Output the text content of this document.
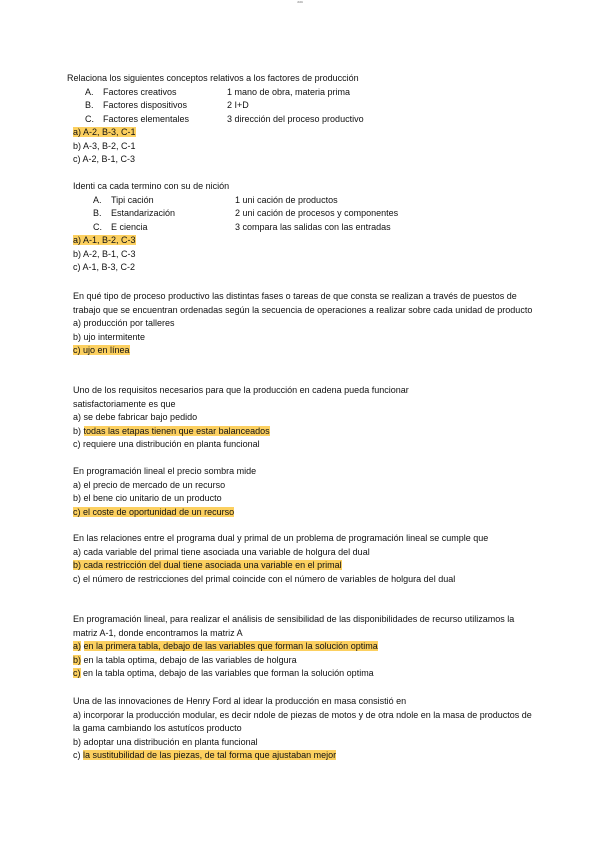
ᵃᵃᵃ
Relaciona los siguientes conceptos relativos a los factores de producción
A. Factores creativos	1 mano de obra, materia prima
B. Factores dispositivos	2 I+D
C. Factores elementales	3 dirección del proceso productivo
a) A-2, B-3, C-1
b) A-3, B-2, C-1
c) A-2, B-1, C-3
Identi ca cada termino con su de nición
A. Tipi cación	1 uni cación de productos
B. Estandarización	2 uni cación de procesos y componentes
C. E ciencia	3 compara las salidas con las entradas
a) A-1, B-2, C-3
b) A-2, B-1, C-3
c) A-1, B-3, C-2
En qué tipo de proceso productivo las distintas fases o tareas de que consta se realizan a través de puestos de trabajo que se encuentran ordenadas según la secuencia de operaciones a realizar sobre cada unidad de producto
a) producción por talleres
b) ujo intermitente
c) ujo en línea
Uno de los requisitos necesarios para que la producción en cadena pueda funcionar satisfactoriamente es que
a) se debe fabricar bajo pedido
b) todas las etapas tienen que estar balanceados
c) requiere una distribución en planta funcional
En programación lineal el precio sombra mide
a) el precio de mercado de un recurso
b) el bene cio unitario de un producto
c) el coste de oportunidad de un recurso
En las relaciones entre el programa dual y primal de un problema de programación lineal se cumple que
a) cada variable del primal tiene asociada una variable de holgura del dual
b) cada restricción del dual tiene asociada una variable en el primal
c) el número de restricciones del primal coincide con el número de variables de holgura del dual
En programación lineal, para realizar el análisis de sensibilidad de las disponibilidades de recurso utilizamos la matriz A-1, donde encontramos la matriz A
a) en la primera tabla, debajo de las variables que forman la solución optima
b) en la tabla optima, debajo de las variables de holgura
c) en la tabla optima, debajo de las variables que forman la solución optima
Una de las innovaciones de Henry Ford al idear la producción en masa consistió en
a) incorporar la producción modular, es decir ndole de piezas de motos y de otra ndole en la masa de productos de la gama cambiando los astutícos producto
b) adoptar una distribución en planta funcional
c) la sustitubilidad de las piezas, de tal forma que ajustaban mejor
